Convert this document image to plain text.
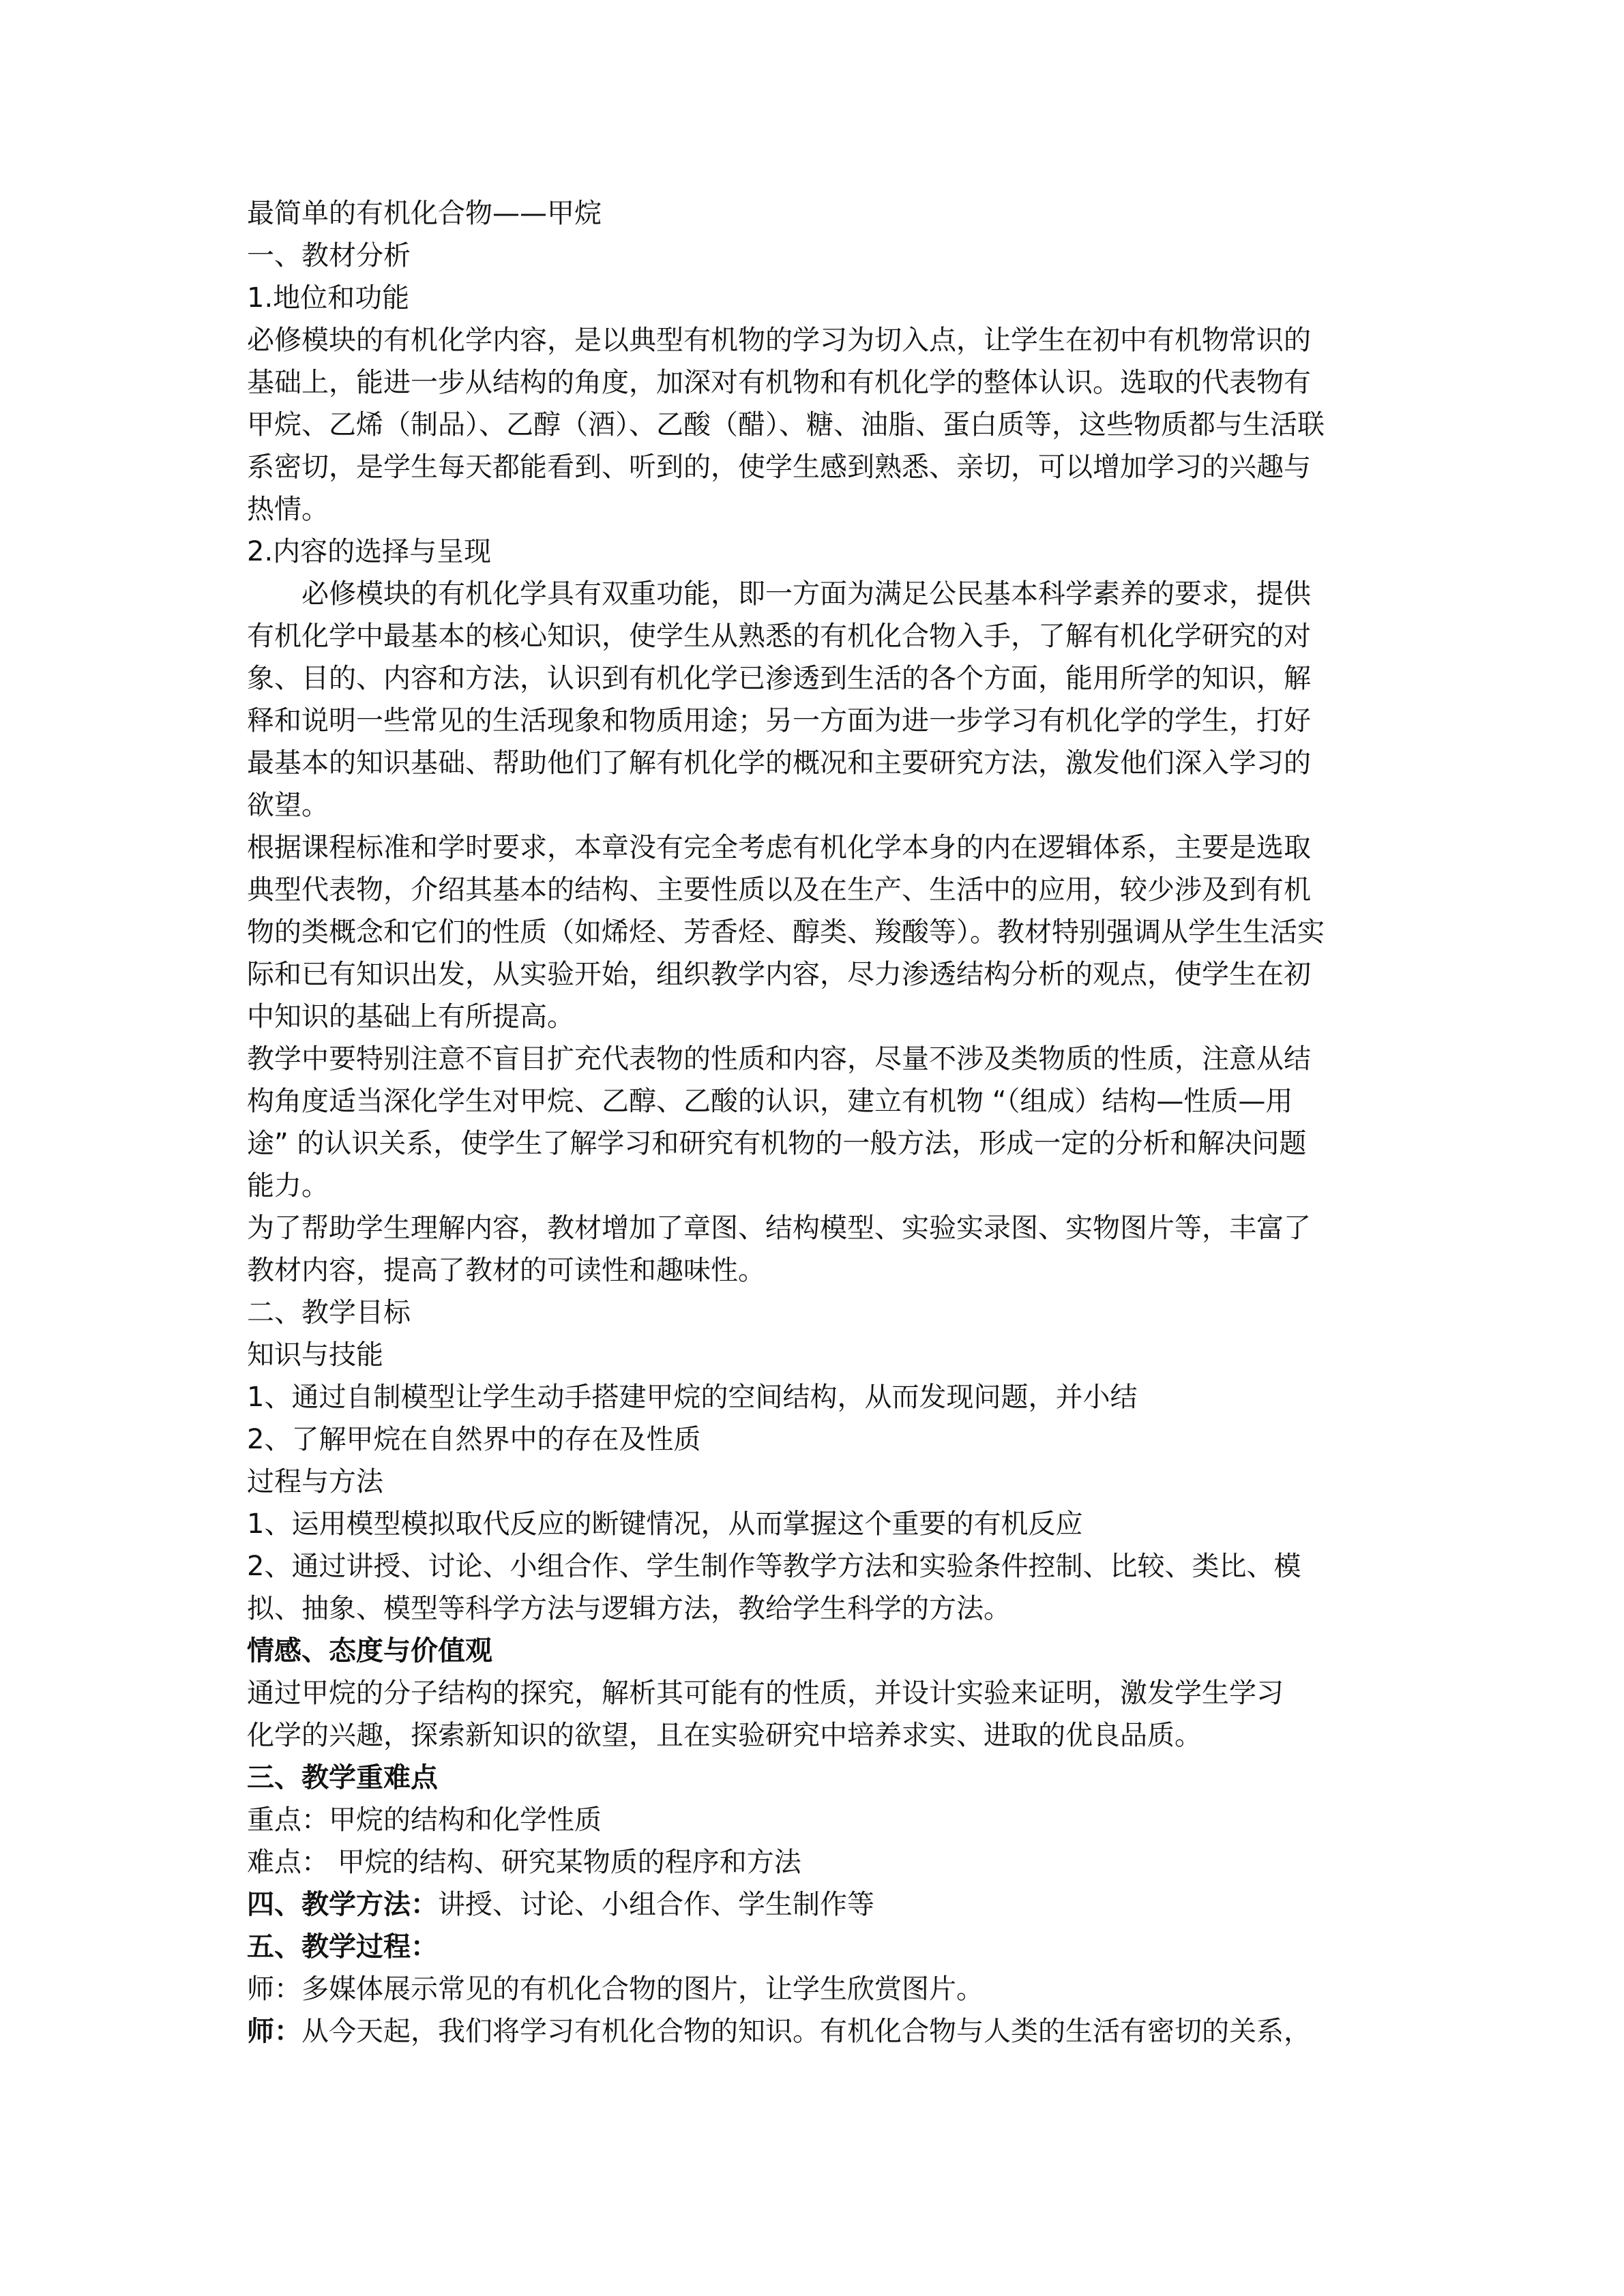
最简单的有机化合物——甲烷

一、教材分析

1.地位和功能

必修模块的有机化学内容，是以典型有机物的学习为切入点，让学生在初中有机物常识的

基础上，能进一步从结构的角度，加深对有机物和有机化学的整体认识。选取的代表物有

甲烷、乙烯（制品）、乙醇（酒）、乙酸（醋）、糖、油脂、蛋白质等，这些物质都与生活联

系密切，是学生每天都能看到、听到的，使学生感到熟悉、亲切，可以增加学习的兴趣与

热情。

2.内容的选择与呈现

必修模块的有机化学具有双重功能，即一方面为满足公民基本科学素养的要求，提供

有机化学中最基本的核心知识，使学生从熟悉的有机化合物入手，了解有机化学研究的对

象、目的、内容和方法，认识到有机化学已渗透到生活的各个方面，能用所学的知识，解

释和说明一些常见的生活现象和物质用途；另一方面为进一步学习有机化学的学生，打好

最基本的知识基础、帮助他们了解有机化学的概况和主要研究方法，激发他们深入学习的

欲望。

根据课程标准和学时要求，本章没有完全考虑有机化学本身的内在逻辑体系，主要是选取

典型代表物，介绍其基本的结构、主要性质以及在生产、生活中的应用，较少涉及到有机

物的类概念和它们的性质（如烯烃、芳香烃、醇类、羧酸等）。教材特别强调从学生生活实

际和已有知识出发，从实验开始，组织教学内容，尽力渗透结构分析的观点，使学生在初

中知识的基础上有所提高。

教学中要特别注意不盲目扩充代表物的性质和内容，尽量不涉及类物质的性质，注意从结

构角度适当深化学生对甲烷、乙醇、乙酸的认识，建立有机物 “（组成）结构—性质—用

途” 的认识关系，使学生了解学习和研究有机物的一般方法，形成一定的分析和解决问题

能力。

为了帮助学生理解内容，教材增加了章图、结构模型、实验实录图、实物图片等，丰富了

教材内容，提高了教材的可读性和趣味性。

二、教学目标

知识与技能

1、通过自制模型让学生动手搭建甲烷的空间结构，从而发现问题，并小结

2、了解甲烷在自然界中的存在及性质

过程与方法

1、运用模型模拟取代反应的断键情况，从而掌握这个重要的有机反应

2、通过讲授、讨论、小组合作、学生制作等教学方法和实验条件控制、比较、类比、模

拟、抽象、模型等科学方法与逻辑方法，教给学生科学的方法。

情感、态度与价值观

通过甲烷的分子结构的探究，解析其可能有的性质，并设计实验来证明，激发学生学习

化学的兴趣，探索新知识的欲望，且在实验研究中培养求实、进取的优良品质。

三、教学重难点

重点：甲烷的结构和化学性质

难点： 甲烷的结构、研究某物质的程序和方法

四、教学方法：讲授、讨论、小组合作、学生制作等

五、教学过程：

师：多媒体展示常见的有机化合物的图片，让学生欣赏图片。

师：从今天起，我们将学习有机化合物的知识。有机化合物与人类的生活有密切的关系，
